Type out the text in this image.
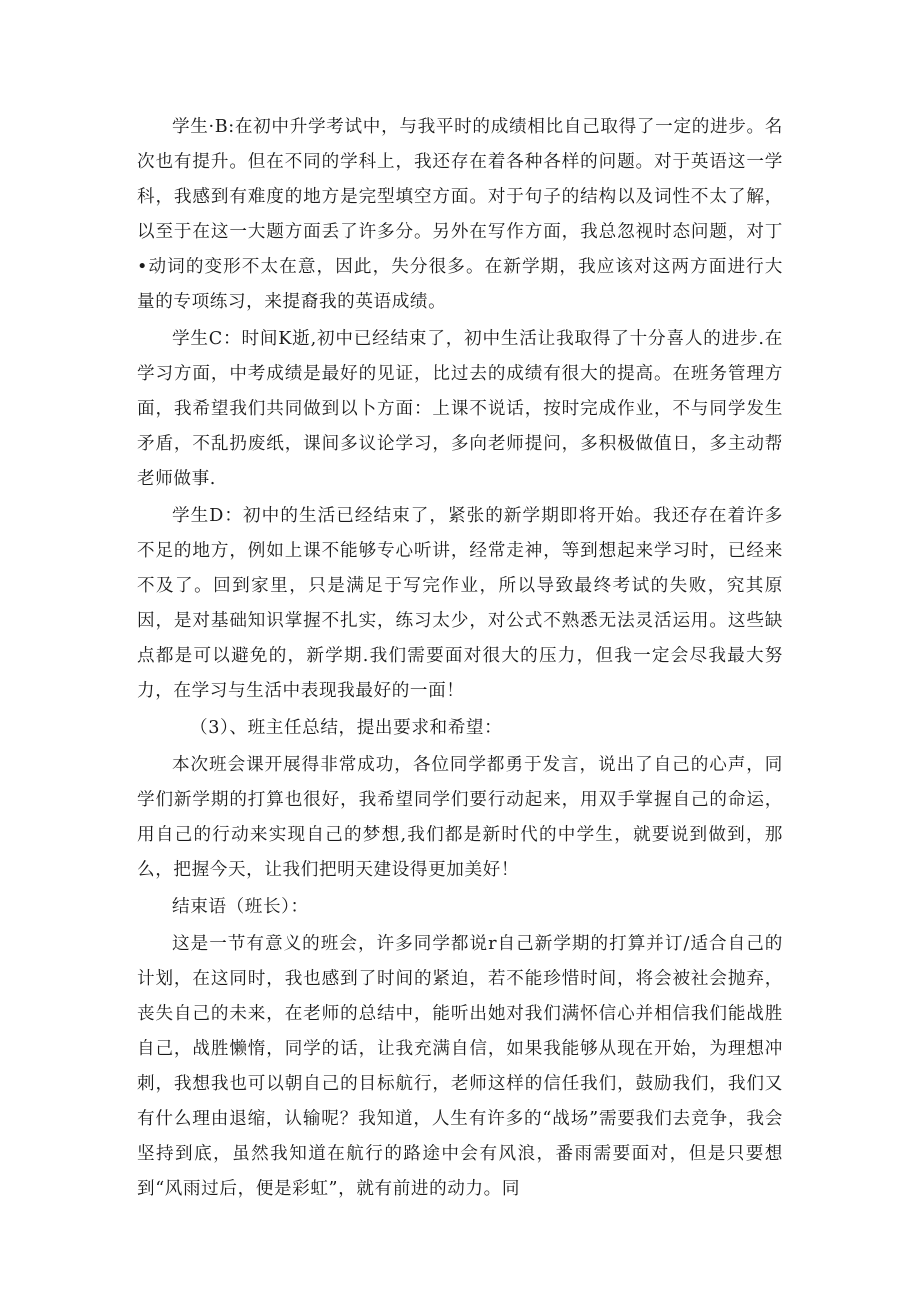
学生·B:在初中升学考试中，与我平时的成绩相比自己取得了一定的进步。名次也有提升。但在不同的学科上，我还存在着各种各样的问题。对于英语这一学科，我感到有难度的地方是完型填空方面。对于句子的结构以及词性不太了解，以至于在这一大题方面丢了许多分。另外在写作方面，我总忽视时态问题，对丁•动词的变形不太在意，因此，失分很多。在新学期，我应该对这两方面进行大量的专项练习，来提裔我的英语成绩。

学生C：时间K逝,初中已经结束了，初中生活让我取得了十分喜人的进步.在学习方面，中考成绩是最好的见证，比过去的成绩有很大的提高。在班务管理方面，我希望我们共同做到以卜方面：上课不说话，按时完成作业，不与同学发生矛盾，不乱扔废纸，课间多议论学习，多向老师提问，多积极做值日，多主动帮老师做事.

学生D：初中的生活已经结束了，紧张的新学期即将开始。我还存在着许多不足的地方，例如上课不能够专心听讲，经常走神，等到想起来学习时，已经来不及了。回到家里，只是满足于写完作业，所以导致最终考试的失败，究其原因，是对基础知识掌握不扎实，练习太少，对公式不熟悉无法灵活运用。这些缺点都是可以避免的，新学期.我们需要面对很大的压力，但我一定会尽我最大努力，在学习与生活中表现我最好的一面！

（3）、班主任总结，提出要求和希望：

本次班会课开展得非常成功，各位同学都勇于发言，说出了自己的心声，同学们新学期的打算也很好，我希望同学们要行动起来，用双手掌握自己的命运，用自己的行动来实现自己的梦想,我们都是新时代的中学生，就要说到做到，那么，把握今天，让我们把明天建设得更加美好！

结束语（班长）：

这是一节有意义的班会，许多同学都说r自己新学期的打算并订/适合自己的计划，在这同时，我也感到了时间的紧迫，若不能珍惜时间，将会被社会抛弃，丧失自己的未来，在老师的总结中，能听出她对我们满怀信心并相信我们能战胜自己，战胜懒惰，同学的话，让我充满自信，如果我能够从现在开始，为理想冲刺，我想我也可以朝自己的目标航行，老师这样的信任我们，鼓励我们，我们又有什么理由退缩，认输呢？我知道，人生有许多的“战场”需要我们去竞争，我会坚持到底，虽然我知道在航行的路途中会有风浪，番雨需要面对，但是只要想到“风雨过后，便是彩虹”，就有前进的动力。同
